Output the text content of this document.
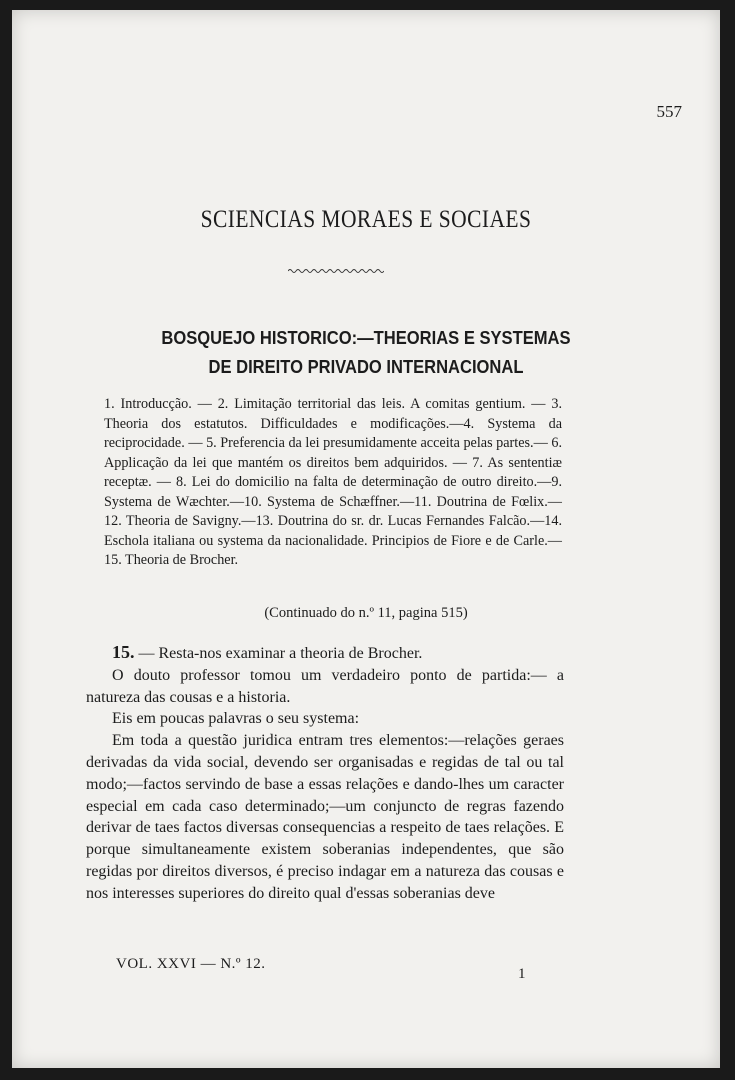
557
SCIENCIAS MORAES E SOCIAES
BOSQUEJO HISTORICO:—THEORIAS E SYSTEMAS
DE DIREITO PRIVADO INTERNACIONAL
1. Introducção. — 2. Limitação territorial das leis. A comitas gentium. — 3. Theoria dos estatutos. Difficuldades e modificações.—4. Systema da reciprocidade. — 5. Preferencia da lei presumidamente acceita pelas partes.— 6. Applicação da lei que mantém os direitos bem adquiridos. — 7. As sententiæ receptæ. — 8. Lei do domicilio na falta de determinação de outro direito.—9. Systema de Wæchter.—10. Systema de Schæffner.—11. Doutrina de Fœlix.—12. Theoria de Savigny.—13. Doutrina do sr. dr. Lucas Fernandes Falcão.—14. Eschola italiana ou systema da nacionalidade. Principios de Fiore e de Carle.—15. Theoria de Brocher.
(Continuado do n.º 11, pagina 515)

15. — Resta-nos examinar a theoria de Brocher.

O douto professor tomou um verdadeiro ponto de partida:— a natureza das cousas e a historia.

Eis em poucas palavras o seu systema:

Em toda a questão juridica entram tres elementos:—relações geraes derivadas da vida social, devendo ser organisadas e regidas de tal ou tal modo;—factos servindo de base a essas relações e dando-lhes um caracter especial em cada caso determinado;—um conjuncto de regras fazendo derivar de taes factos diversas consequencias a respeito de taes relações. E porque simultaneamente existem soberanias independentes, que são regidas por direitos diversos, é preciso indagar em a natureza das cousas e nos interesses superiores do direito qual d'essas soberanias deve

VOL. XXVI — N.º 12.
1
